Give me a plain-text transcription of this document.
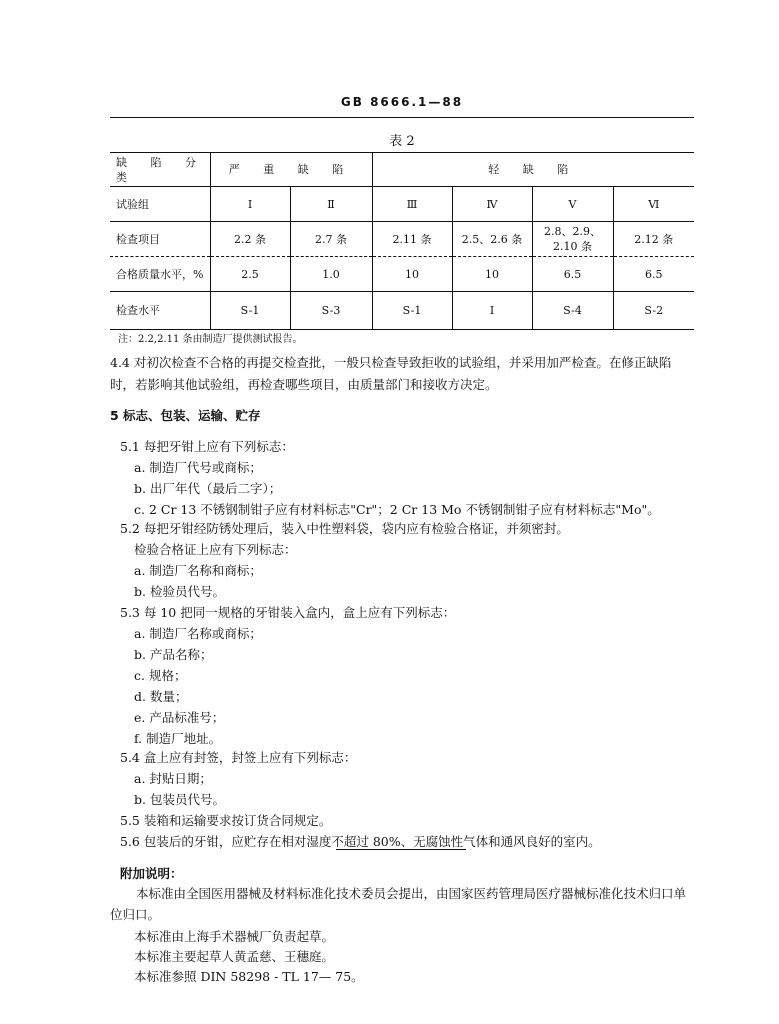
GB 8666.1—88
表 2
缺 陷 分 类	严 重 缺 陷		轻 缺 陷			
试验组	Ⅰ	Ⅱ	Ⅲ	Ⅳ	Ⅴ	Ⅵ
检查项目	2.2 条	2.7 条	2.11 条	2.5、2.6 条	2.8、2.9、2.10 条	2.12 条
合格质量水平，%	2.5	1.0	10	10	6.5	6.5
检查水平	S-1	S-3	S-1	Ⅰ	S-4	S-2
注：2.2,2.11 条由制造厂提供测试报告。
4.4 对初次检查不合格的再提交检查批，一般只检查导致拒收的试验组，并采用加严检查。在修正缺陷时，若影响其他试验组，再检查哪些项目，由质量部门和接收方决定。
5 标志、包装、运输、贮存
5.1 每把牙钳上应有下列标志：
a. 制造厂代号或商标；
b. 出厂年代（最后二字）；
c. 2 Cr 13 不锈钢制钳子应有材料标志"Cr"；2 Cr 13 Mo 不锈钢制钳子应有材料标志"Mo"。
5.2 每把牙钳经防锈处理后，装入中性塑料袋，袋内应有检验合格证，并须密封。
检验合格证上应有下列标志：
a. 制造厂名称和商标；
b. 检验员代号。
5.3 每 10 把同一规格的牙钳装入盒内，盒上应有下列标志：
a. 制造厂名称或商标；
b. 产品名称；
c. 规格；
d. 数量；
e. 产品标准号；
f. 制造厂地址。
5.4 盒上应有封签，封签上应有下列标志：
a. 封贴日期；
b. 包装员代号。
5.5 装箱和运输要求按订货合同规定。
5.6 包装后的牙钳，应贮存在相对湿度不超过 80%、无腐蚀性气体和通风良好的室内。
附加说明：
本标准由全国医用器械及材料标准化技术委员会提出，由国家医药管理局医疗器械标准化技术归口单位归口。
本标准由上海手术器械厂负责起草。
本标准主要起草人黄孟慈、王穗庭。
本标准参照 DIN 58298 - TL 17— 75。
